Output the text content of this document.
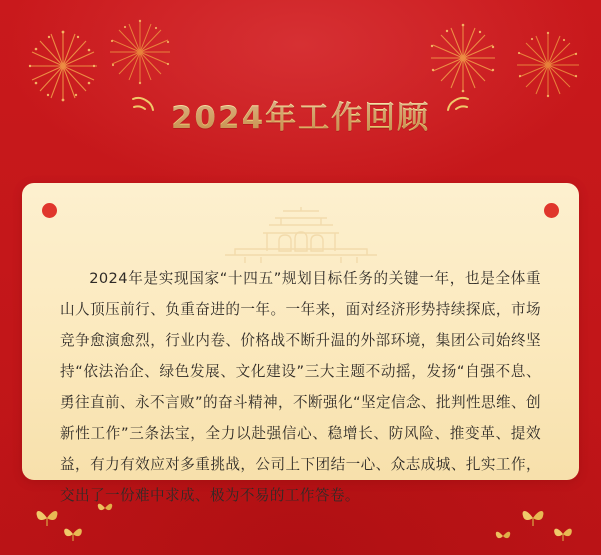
2024年工作回顾
2024年是实现国家“十四五”规划目标任务的关键一年，也是全体重山人顶压前行、负重奋进的一年。一年来，面对经济形势持续探底，市场竞争愈演愈烈，行业内卷、价格战不断升温的外部环境，集团公司始终坚持“依法治企、绿色发展、文化建设”三大主题不动摇，发扬“自强不息、勇往直前、永不言败”的奋斗精神，不断强化“坚定信念、批判性思维、创新性工作”三条法宝，全力以赴强信心、稳增长、防风险、推变革、提效益，有力有效应对多重挑战，公司上下团结一心、众志成城、扎实工作，交出了一份难中求成、极为不易的工作答卷。
